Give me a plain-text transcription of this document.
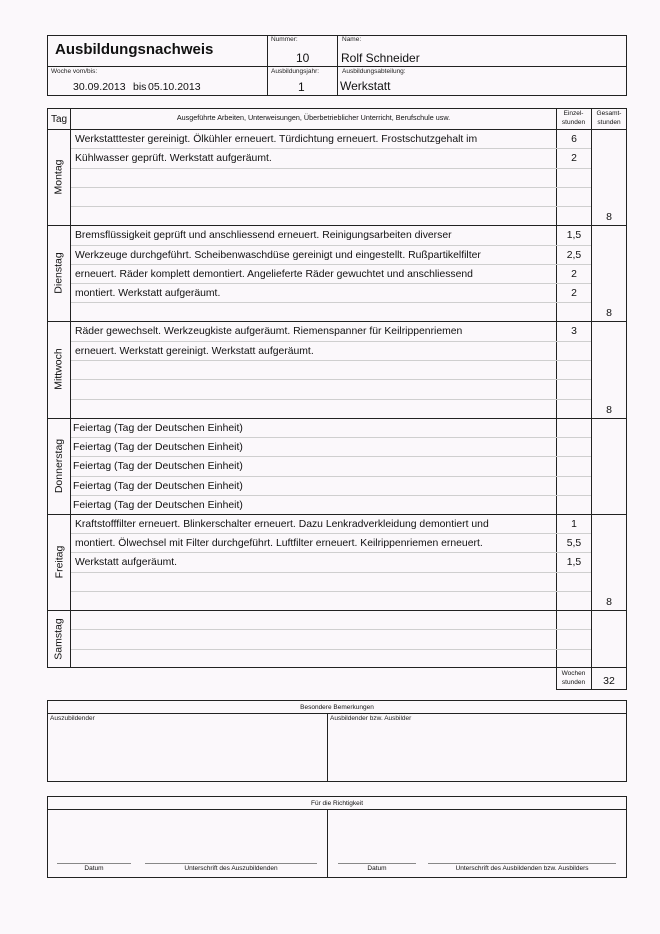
Ausbildungsnachweis
Nummer:
10
Name:
Rolf Schneider
Woche vom/bis:
30.09.2013 bis 05.10.2013
Ausbildungsjahr:
1
Ausbildungsabteilung:
Werkstatt
Tag	Ausgeführte Arbeiten, Unterweisungen, Überbetrieblicher Unterricht, Berufschule usw.	Einzel-
stunden
Gesamt-
stunden
Montag
Werkstatttester gereinigt. Ölkühler erneuert. Türdichtung erneuert. Frostschutzgehalt im	6
Kühlwasser geprüft. Werkstatt aufgeräumt.	2
8
Dienstag
Bremsflüssigkeit geprüft und anschliessend erneuert. Reinigungsarbeiten diverser	1,5
Werkzeuge durchgeführt. Scheibenwaschdüse gereinigt und eingestellt. Rußpartikelfilter	2,5
erneuert. Räder komplett demontiert. Angelieferte Räder gewuchtet und anschliessend	2
montiert. Werkstatt aufgeräumt.	2
8
Mittwoch
Räder gewechselt. Werkzeugkiste aufgeräumt. Riemenspanner für Keilrippenriemen	3
erneuert. Werkstatt gereinigt. Werkstatt aufgeräumt.
8
Donnerstag
Feiertag (Tag der Deutschen Einheit)
Feiertag (Tag der Deutschen Einheit)
Feiertag (Tag der Deutschen Einheit)
Feiertag (Tag der Deutschen Einheit)
Feiertag (Tag der Deutschen Einheit)
Freitag
Kraftstofffilter erneuert. Blinkerschalter erneuert. Dazu Lenkradverkleidung demontiert und	1
montiert. Ölwechsel mit Filter durchgeführt. Luftfilter erneuert. Keilrippenriemen erneuert.	5,5
Werkstatt aufgeräumt.	1,5
8
Samstag
Wochen
stunden	32
Besondere Bemerkungen
Auszubildender	Ausbildender bzw. Ausbilder
Für die Richtigkeit
Datum	Unterschrift des Auszubildenden	Datum	Unterschrift des Ausbildenden bzw. Ausbilders
